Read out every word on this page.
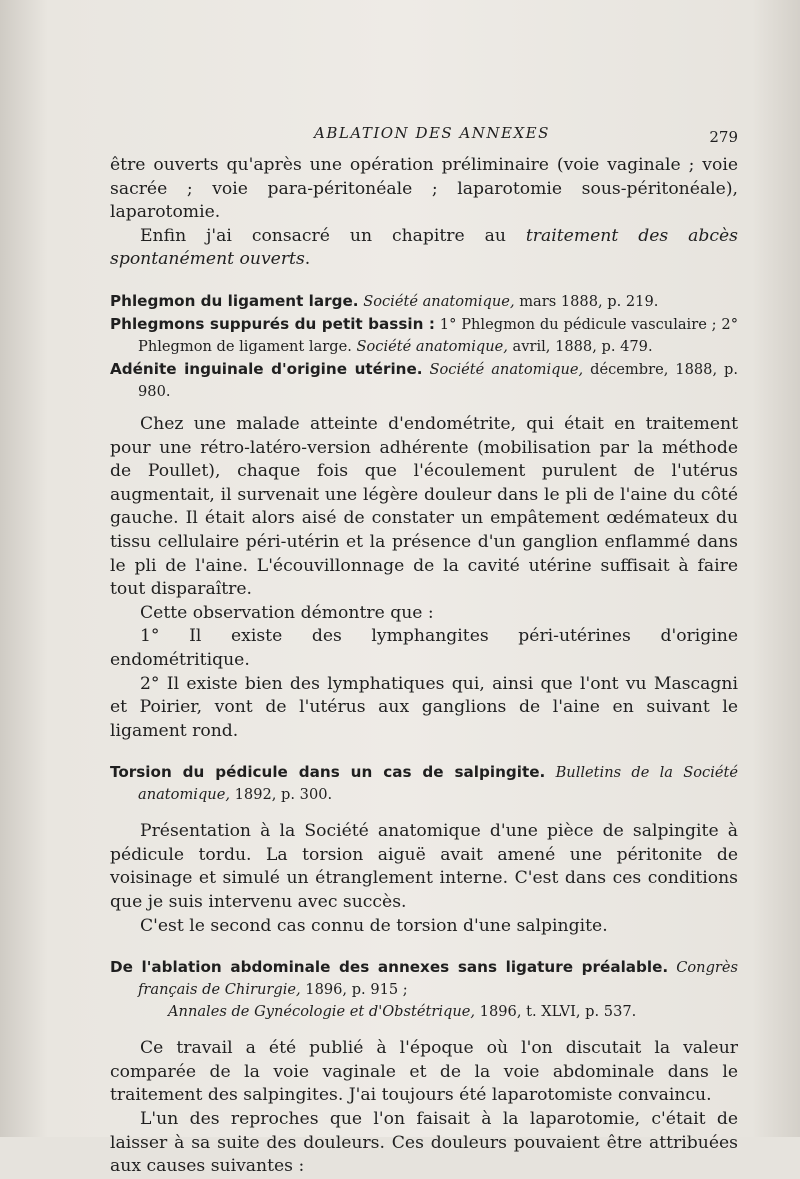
ABLATION DES ANNEXES	279

être ouverts qu'après une opération préliminaire (voie vaginale ; voie sacrée ; voie para-péritonéale ; laparotomie sous-péritonéale), laparotomie.

Enfin j'ai consacré un chapitre au traitement des abcès spontanément ouverts.

Phlegmon du ligament large. Société anatomique, mars 1888, p. 219.

Phlegmons suppurés du petit bassin : 1° Phlegmon du pédicule vasculaire ; 2° Phlegmon de ligament large. Société anatomique, avril, 1888, p. 479.

Adénite inguinale d'origine utérine. Société anatomique, décembre, 1888, p. 980.

Chez une malade atteinte d'endométrite, qui était en traitement pour une rétro-latéro-version adhérente (mobilisation par la méthode de Poullet), chaque fois que l'écoulement purulent de l'utérus augmentait, il survenait une légère douleur dans le pli de l'aine du côté gauche. Il était alors aisé de constater un empâtement œdémateux du tissu cellulaire péri-utérin et la présence d'un ganglion enflammé dans le pli de l'aine. L'écouvillonnage de la cavité utérine suffisait à faire tout disparaître.

Cette observation démontre que :

1° Il existe des lymphangites péri-utérines d'origine endométritique.

2° Il existe bien des lymphatiques qui, ainsi que l'ont vu Mascagni et Poirier, vont de l'utérus aux ganglions de l'aine en suivant le ligament rond.

Torsion du pédicule dans un cas de salpingite. Bulletins de la Société anatomique, 1892, p. 300.

Présentation à la Société anatomique d'une pièce de salpingite à pédicule tordu. La torsion aiguë avait amené une péritonite de voisinage et simulé un étranglement interne. C'est dans ces conditions que je suis intervenu avec succès.

C'est le second cas connu de torsion d'une salpingite.

De l'ablation abdominale des annexes sans ligature préalable. Congrès français de Chirurgie, 1896, p. 915 ;

Annales de Gynécologie et d'Obstétrique, 1896, t. XLVI, p. 537.

Ce travail a été publié à l'époque où l'on discutait la valeur comparée de la voie vaginale et de la voie abdominale dans le traitement des salpingites. J'ai toujours été laparotomiste convaincu.

L'un des reproches que l'on faisait à la laparotomie, c'était de laisser à sa suite des douleurs. Ces douleurs pouvaient être attribuées aux causes suivantes :
